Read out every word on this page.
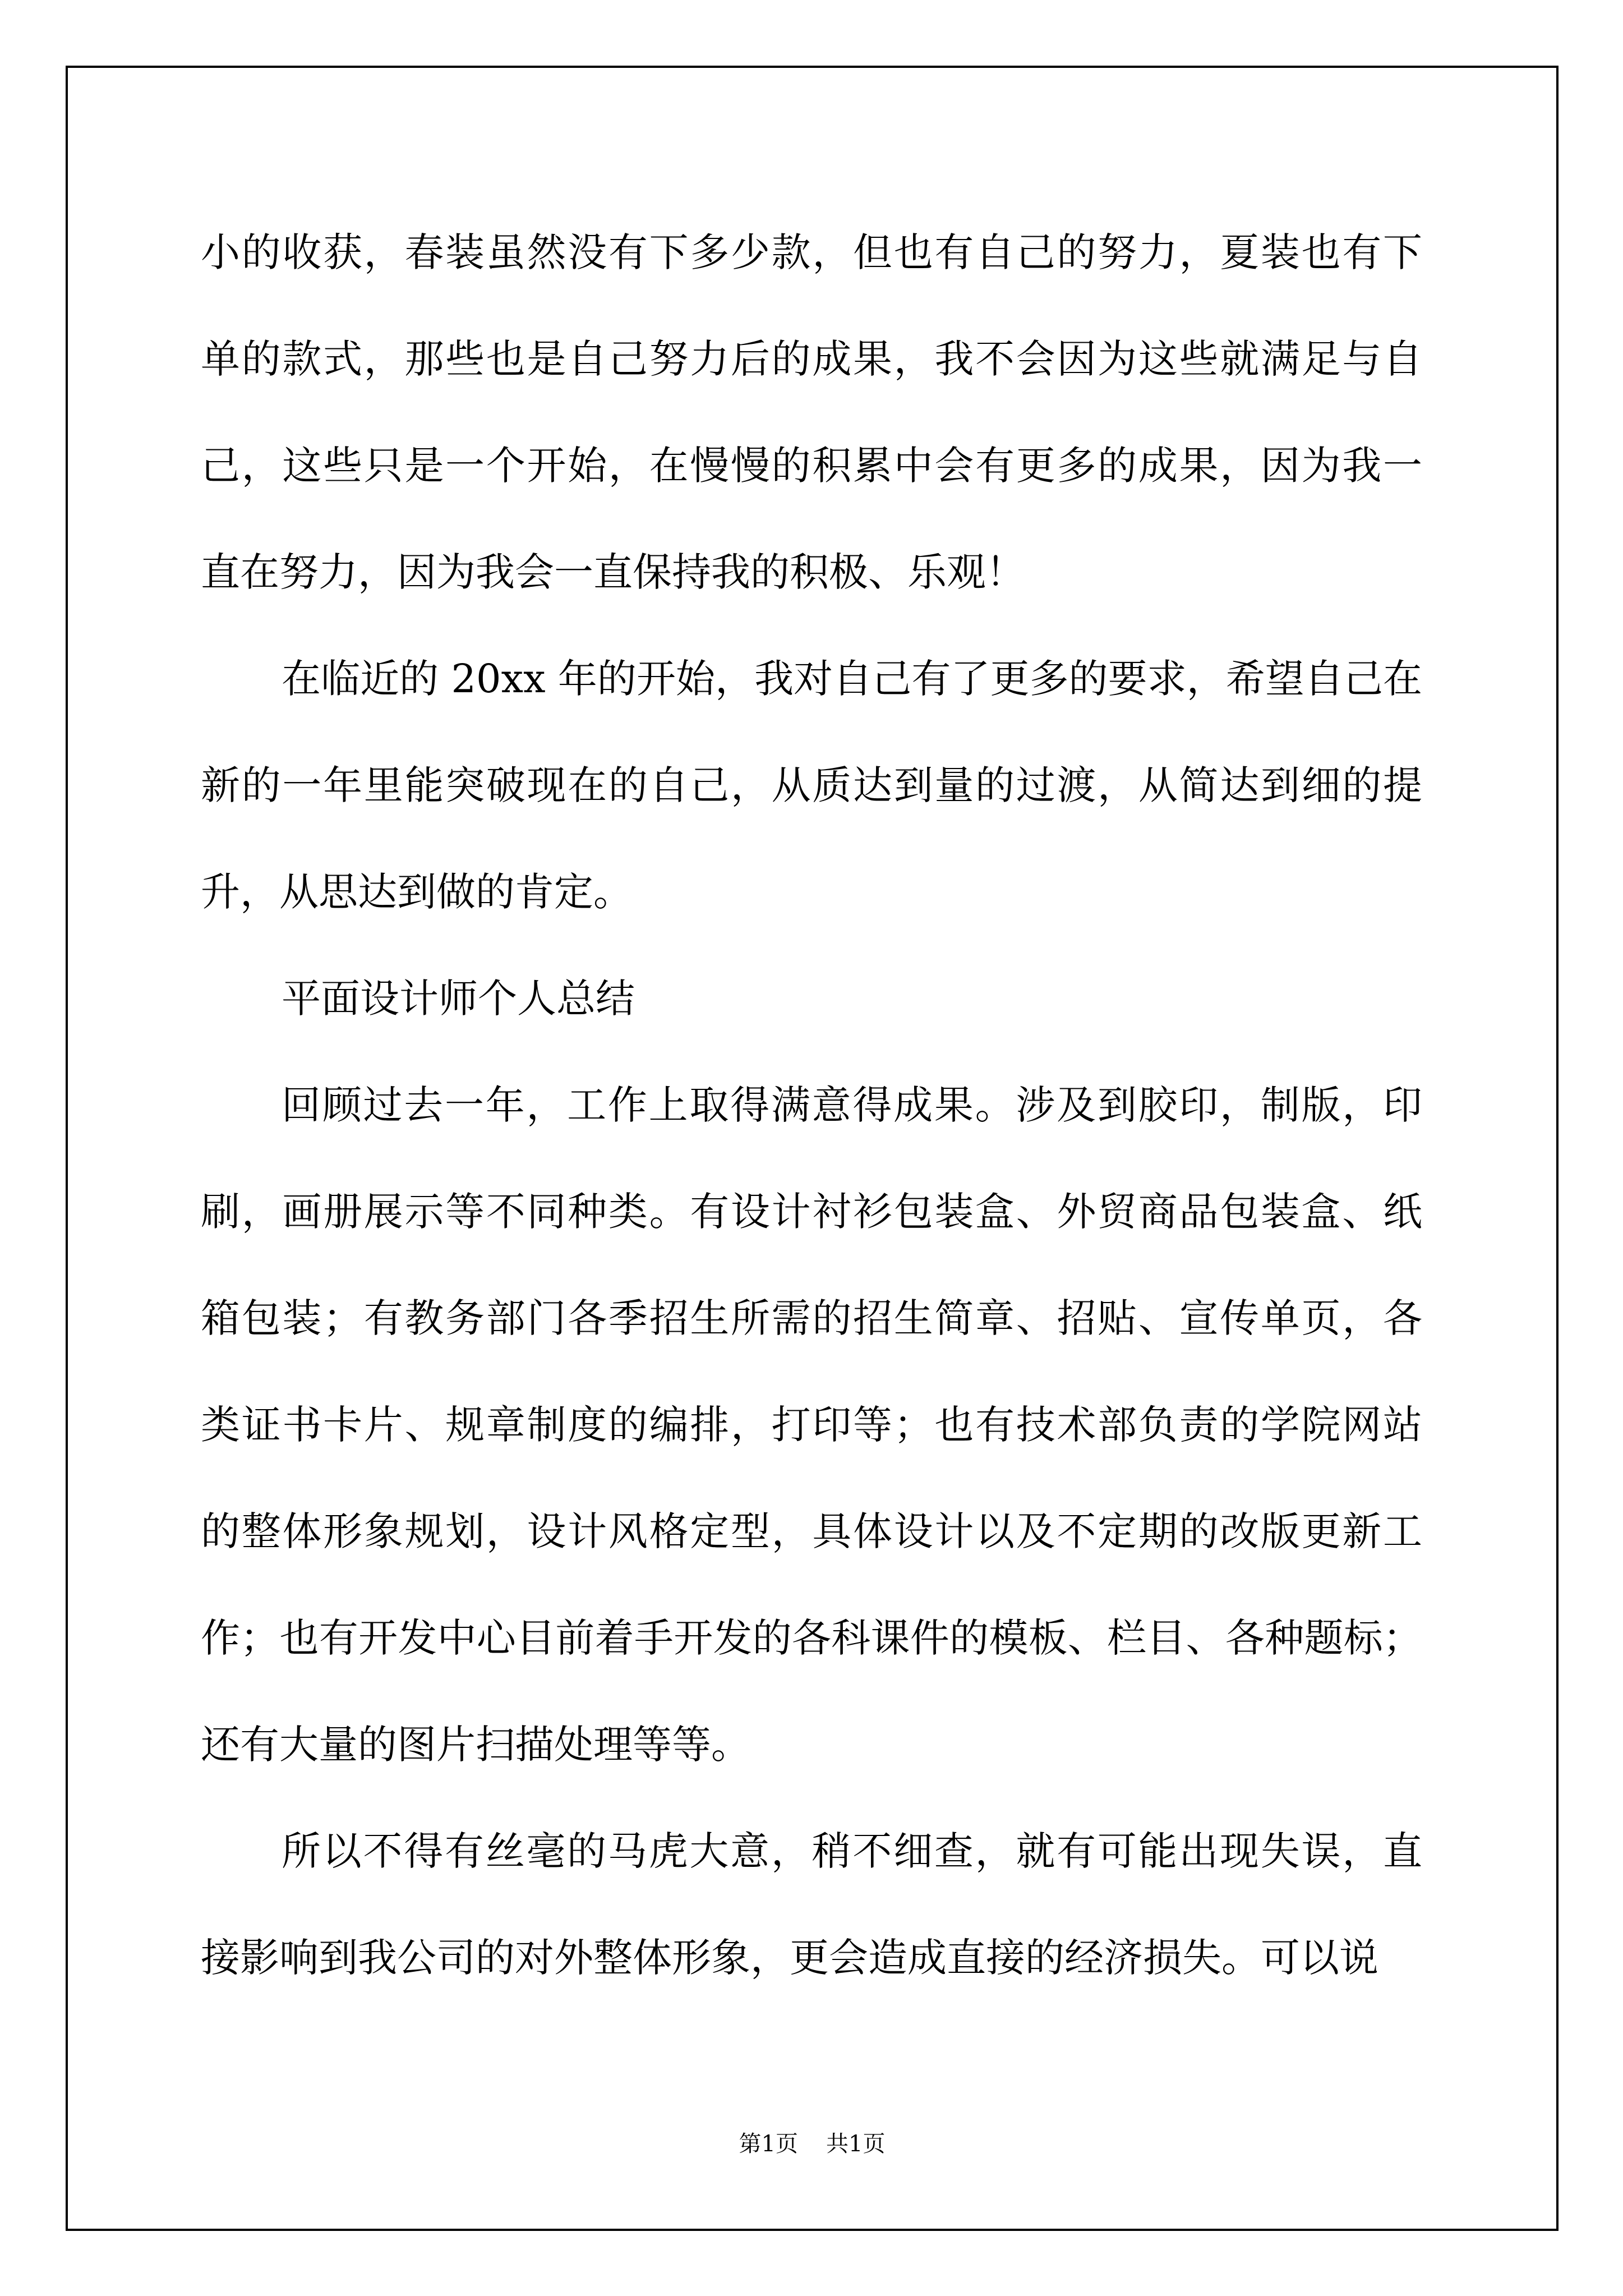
小的收获，春装虽然没有下多少款，但也有自己的努力，夏装也有下
单的款式，那些也是自己努力后的成果，我不会因为这些就满足与自
己，这些只是一个开始，在慢慢的积累中会有更多的成果，因为我一
直在努力，因为我会一直保持我的积极、乐观！

在临近的 20xx 年的开始，我对自己有了更多的要求，希望自己在
新的一年里能突破现在的自己，从质达到量的过渡，从简达到细的提
升，从思达到做的肯定。

平面设计师个人总结

回顾过去一年，工作上取得满意得成果。涉及到胶印，制版，印
刷，画册展示等不同种类。有设计衬衫包装盒、外贸商品包装盒、纸
箱包装；有教务部门各季招生所需的招生简章、招贴、宣传单页，各
类证书卡片、规章制度的编排，打印等；也有技术部负责的学院网站
的整体形象规划，设计风格定型，具体设计以及不定期的改版更新工
作；也有开发中心目前着手开发的各科课件的模板、栏目、各种题标；
还有大量的图片扫描处理等等。

所以不得有丝毫的马虎大意，稍不细查，就有可能出现失误，直
接影响到我公司的对外整体形象，更会造成直接的经济损失。可以说

第1页 共1页
